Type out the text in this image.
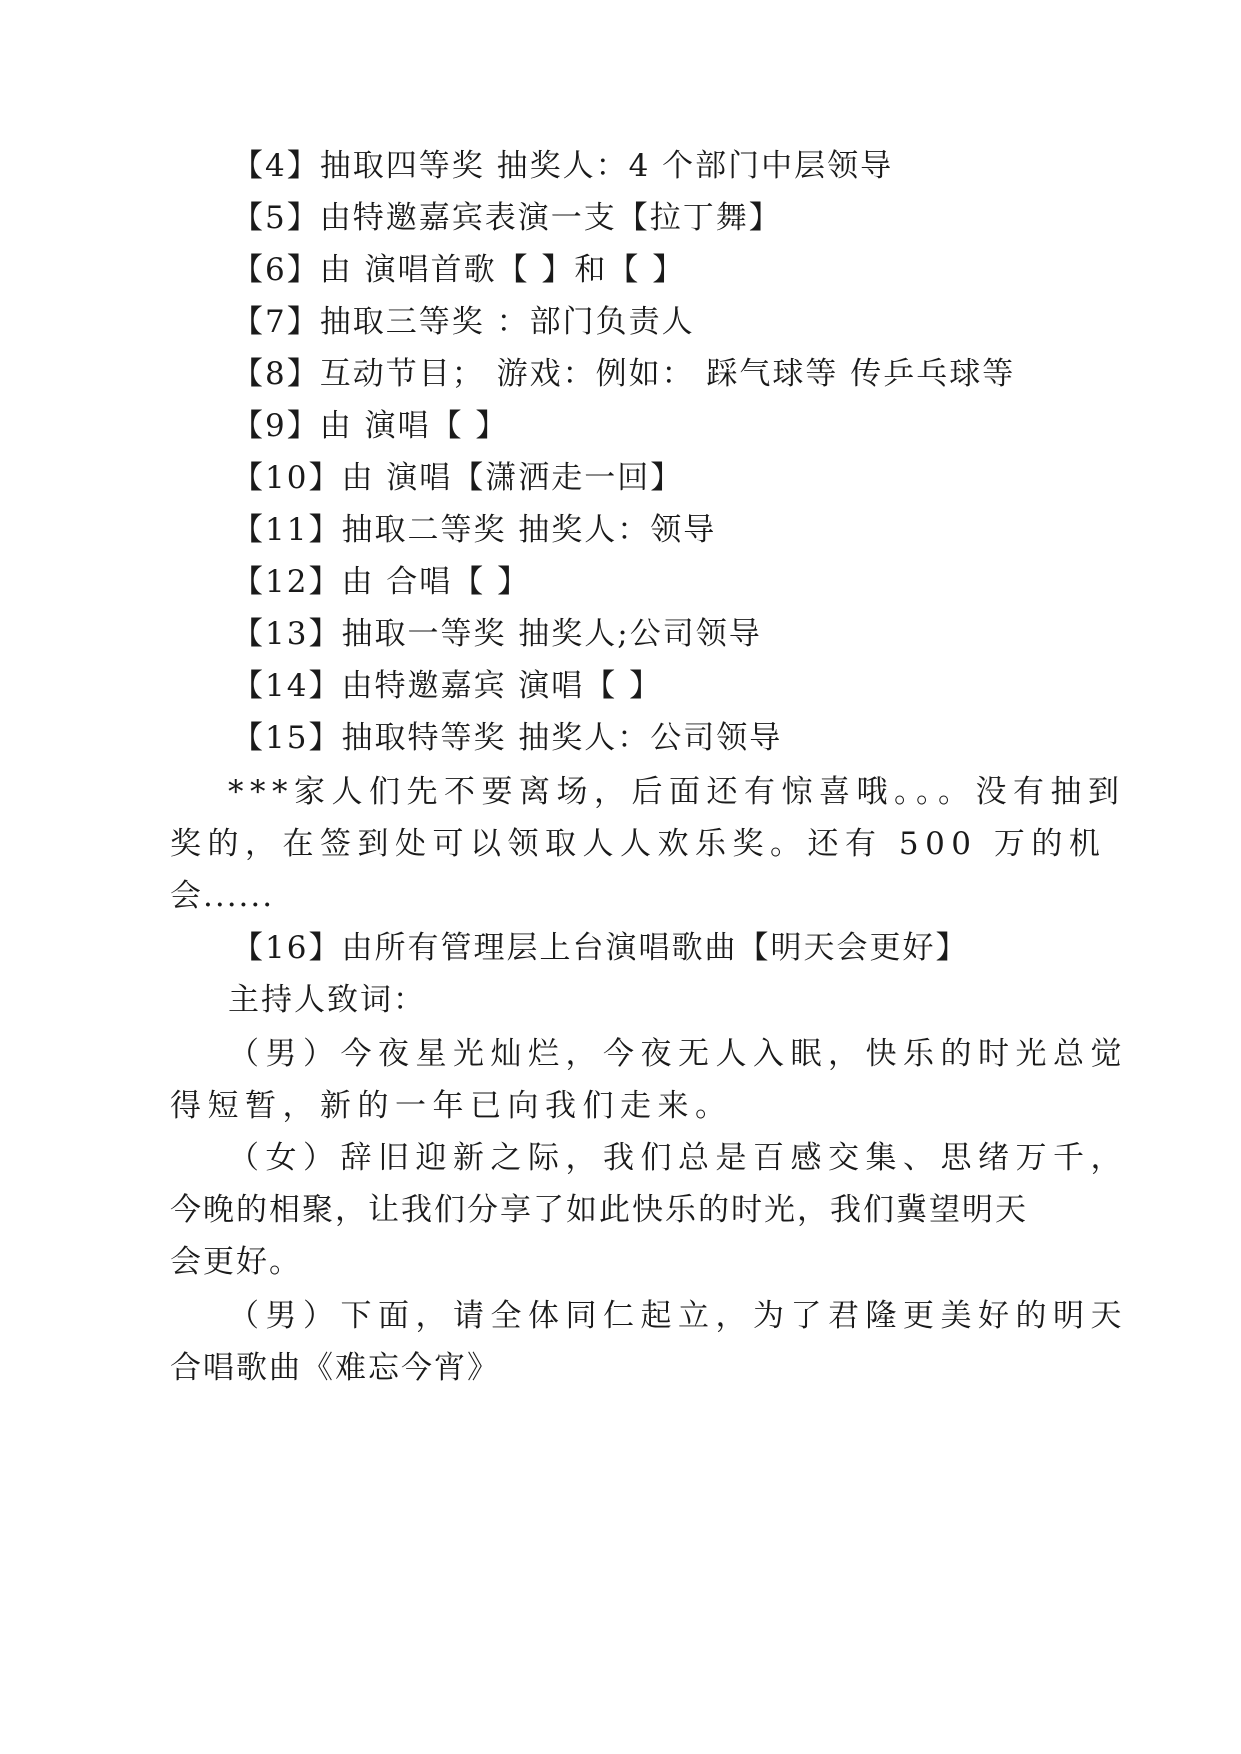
【4】抽取四等奖 抽奖人：4 个部门中层领导
【5】由特邀嘉宾表演一支【拉丁舞】
【6】由 演唱首歌【 】和【 】
【7】抽取三等奖 ：部门负责人
【8】互动节目； 游戏：例如： 踩气球等 传乒乓球等
【9】由 演唱【 】
【10】由 演唱【潇洒走一回】
【11】抽取二等奖 抽奖人：领导
【12】由 合唱【 】
【13】抽取一等奖 抽奖人;公司领导
【14】由特邀嘉宾 演唱【 】
【15】抽取特等奖 抽奖人：公司领导
***家人们先不要离场，后面还有惊喜哦。。。没有抽到
奖的，在签到处可以领取人人欢乐奖。还有 500 万的机
会......
【16】由所有管理层上台演唱歌曲【明天会更好】
主持人致词：
（男）今夜星光灿烂，今夜无人入眠，快乐的时光总觉
得短暂，新的一年已向我们走来。
（女）辞旧迎新之际，我们总是百感交集、思绪万千，
今晚的相聚，让我们分享了如此快乐的时光，我们冀望明天
会更好。
（男）下面，请全体同仁起立，为了君隆更美好的明天
合唱歌曲《难忘今宵》
